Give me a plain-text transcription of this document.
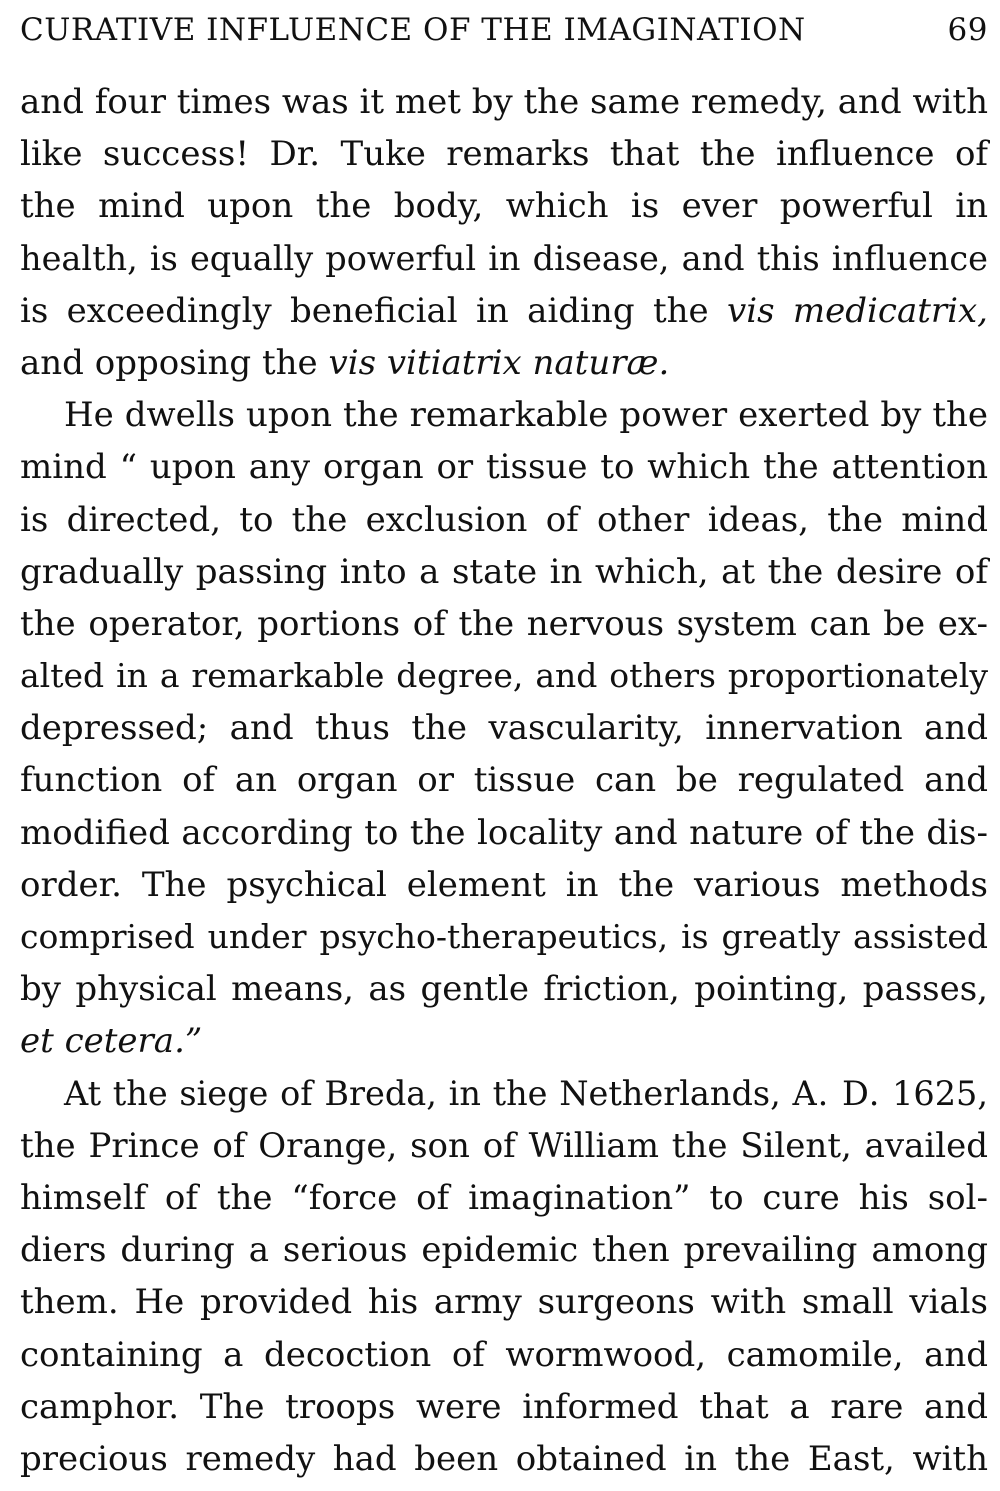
CURATIVE INFLUENCE OF THE IMAGINATION	69
and four times was it met by the same remedy, and with
like success! Dr. Tuke remarks that the influence of
the mind upon the body, which is ever powerful in
health, is equally powerful in disease, and this influence
is exceedingly beneficial in aiding the vis medicatrix,
and opposing the vis vitiatrix naturæ.
He dwells upon the remarkable power exerted by the
mind “ upon any organ or tissue to which the attention
is directed, to the exclusion of other ideas, the mind
gradually passing into a state in which, at the desire of
the operator, portions of the nervous system can be ex-
alted in a remarkable degree, and others proportionately
depressed; and thus the vascularity, innervation and
function of an organ or tissue can be regulated and
modified according to the locality and nature of the dis-
order. The psychical element in the various methods
comprised under psycho-therapeutics, is greatly assisted
by physical means, as gentle friction, pointing, passes,
et cetera.”
At the siege of Breda, in the Netherlands, A. D. 1625,
the Prince of Orange, son of William the Silent, availed
himself of the “force of imagination” to cure his sol-
diers during a serious epidemic then prevailing among
them. He provided his army surgeons with small vials
containing a decoction of wormwood, camomile, and
camphor. The troops were informed that a rare and
precious remedy had been obtained in the East, with
